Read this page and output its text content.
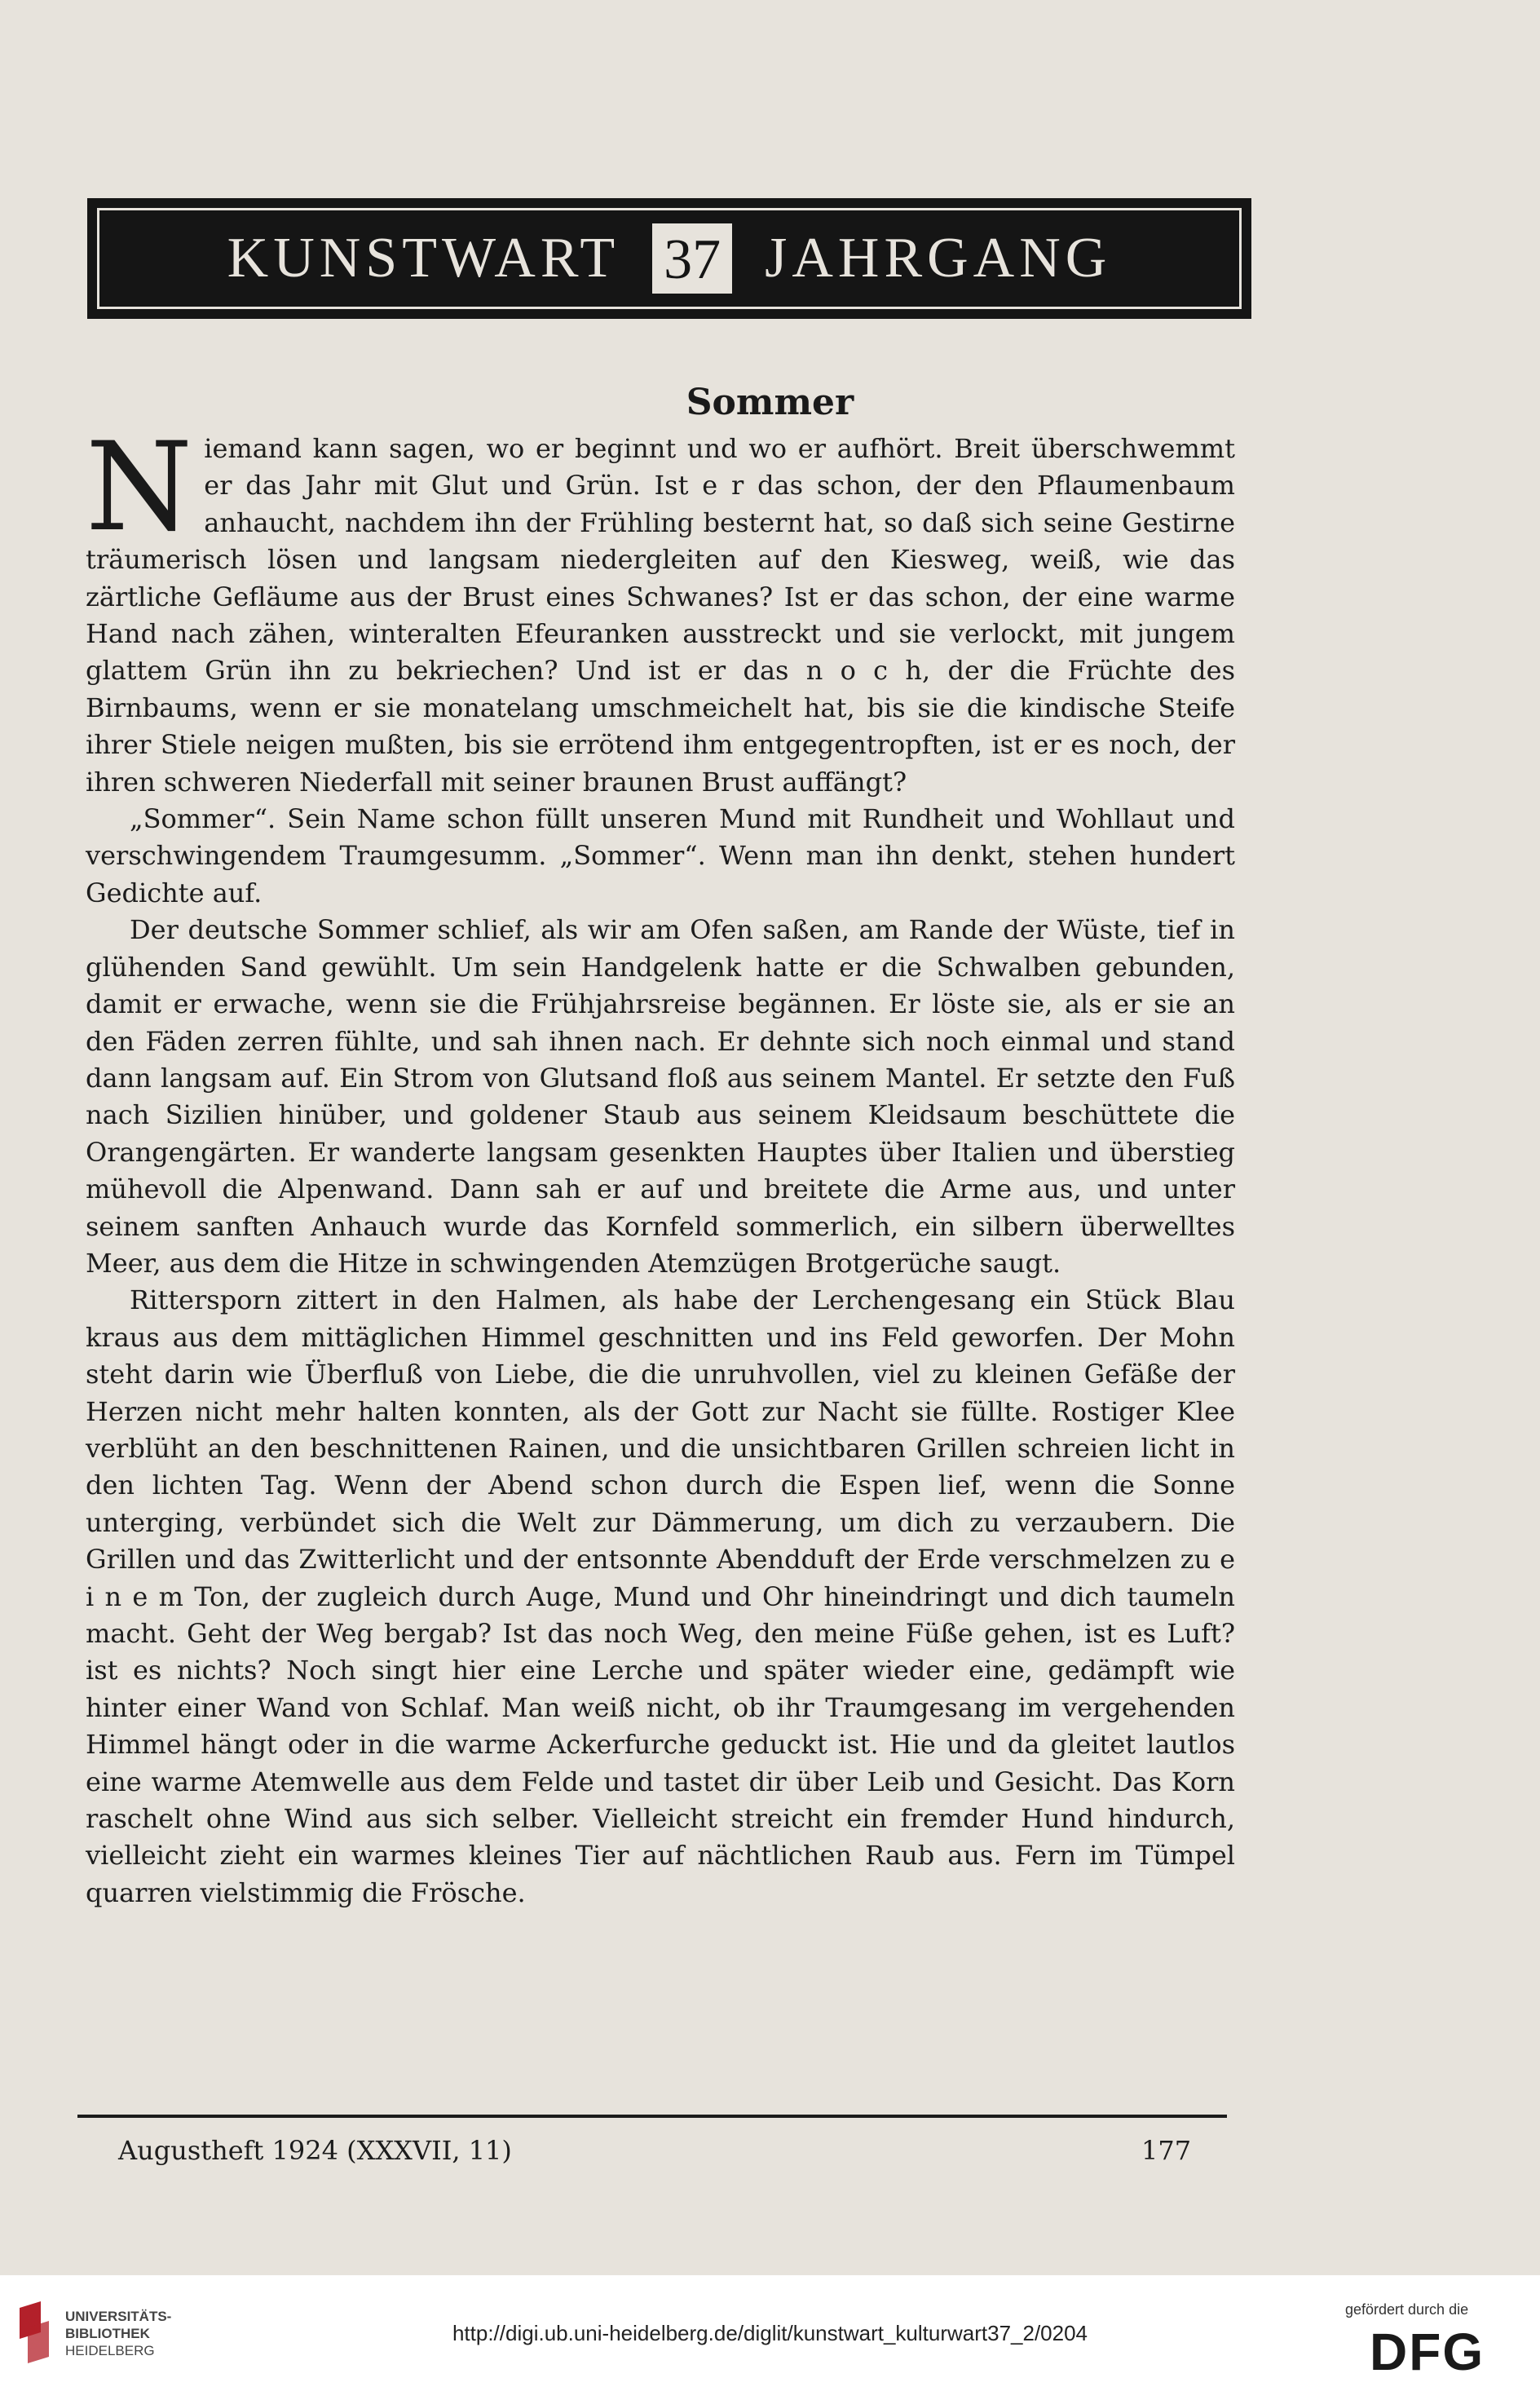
KUNSTWART 37 JAHRGANG
Sommer

Niemand kann sagen, wo er beginnt und wo er aufhört. Breit überschwemmt er das Jahr mit Glut und Grün. Ist e r das schon, der den Pflaumenbaum anhaucht, nachdem ihn der Frühling besternt hat, so daß sich seine Gestirne träumerisch lösen und langsam niedergleiten auf den Kiesweg, weiß, wie das zärtliche Gefläume aus der Brust eines Schwanes? Ist er das schon, der eine warme Hand nach zähen, winteralten Efeuranken ausstreckt und sie verlockt, mit jungem glattem Grün ihn zu bekriechen? Und ist er das n o c h, der die Früchte des Birnbaums, wenn er sie monatelang umschmeichelt hat, bis sie die kindische Steife ihrer Stiele neigen mußten, bis sie errötend ihm entgegentropften, ist er es noch, der ihren schweren Niederfall mit seiner braunen Brust auffängt?

„Sommer“. Sein Name schon füllt unseren Mund mit Rundheit und Wohllaut und verschwingendem Traumgesumm. „Sommer“. Wenn man ihn denkt, stehen hundert Gedichte auf.

Der deutsche Sommer schlief, als wir am Ofen saßen, am Rande der Wüste, tief in glühenden Sand gewühlt. Um sein Handgelenk hatte er die Schwalben gebunden, damit er erwache, wenn sie die Frühjahrsreise begännen. Er löste sie, als er sie an den Fäden zerren fühlte, und sah ihnen nach. Er dehnte sich noch einmal und stand dann langsam auf. Ein Strom von Glutsand floß aus seinem Mantel. Er setzte den Fuß nach Sizilien hinüber, und goldener Staub aus seinem Kleidsaum beschüttete die Orangengärten. Er wanderte langsam gesenkten Hauptes über Italien und überstieg mühevoll die Alpenwand. Dann sah er auf und breitete die Arme aus, und unter seinem sanften Anhauch wurde das Kornfeld sommerlich, ein silbern überwelltes Meer, aus dem die Hitze in schwingenden Atemzügen Brotgerüche saugt.

Rittersporn zittert in den Halmen, als habe der Lerchengesang ein Stück Blau kraus aus dem mittäglichen Himmel geschnitten und ins Feld geworfen. Der Mohn steht darin wie Überfluß von Liebe, die die unruhvollen, viel zu kleinen Gefäße der Herzen nicht mehr halten konnten, als der Gott zur Nacht sie füllte. Rostiger Klee verblüht an den beschnittenen Rainen, und die unsichtbaren Grillen schreien licht in den lichten Tag. Wenn der Abend schon durch die Espen lief, wenn die Sonne unterging, verbündet sich die Welt zur Dämmerung, um dich zu verzaubern. Die Grillen und das Zwitterlicht und der entsonnte Abendduft der Erde verschmelzen zu e i n e m Ton, der zugleich durch Auge, Mund und Ohr hineindringt und dich taumeln macht. Geht der Weg bergab? Ist das noch Weg, den meine Füße gehen, ist es Luft? ist es nichts? Noch singt hier eine Lerche und später wieder eine, gedämpft wie hinter einer Wand von Schlaf. Man weiß nicht, ob ihr Traumgesang im vergehenden Himmel hängt oder in die warme Ackerfurche geduckt ist. Hie und da gleitet lautlos eine warme Atemwelle aus dem Felde und tastet dir über Leib und Gesicht. Das Korn raschelt ohne Wind aus sich selber. Vielleicht streicht ein fremder Hund hindurch, vielleicht zieht ein warmes kleines Tier auf nächtlichen Raub aus. Fern im Tümpel quarren vielstimmig die Frösche.

Augustheft 1924 (XXXVII, 11)	177
UNIVERSITÄTS-
BIBLIOTHEK
HEIDELBERG
http://digi.ub.uni-heidelberg.de/diglit/kunstwart_kulturwart37_2/0204
gefördert durch die
DFG
